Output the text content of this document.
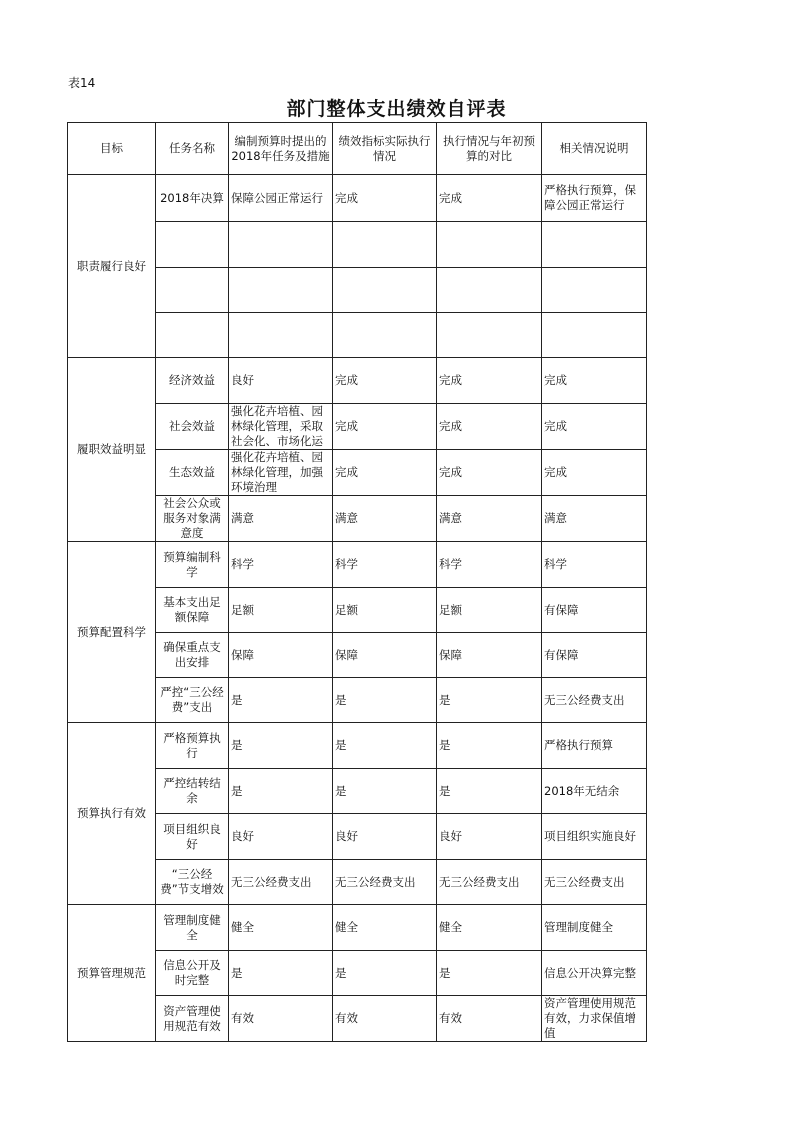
表14
部门整体支出绩效自评表
目标	任务名称	编制预算时提出的2018年任务及措施	绩效指标实际执行情况	执行情况与年初预算的对比	相关情况说明
职责履行良好	2018年决算	保障公园正常运行	完成	完成	严格执行预算，保障公园正常运行

履职效益明显	经济效益	良好	完成	完成	完成

	社会效益	强化花卉培植、园林绿化管理，采取社会化、市场化运	完成	完成	完成

	生态效益	强化花卉培植、园林绿化管理，加强环境治理	完成	完成	完成

	社会公众或服务对象满意度	满意	满意	满意	满意

预算配置科学	预算编制科学	科学	科学	科学	科学

	基本支出足额保障	足额	足额	足额	有保障

	确保重点支出安排	保障	保障	保障	有保障

	严控“三公经费”支出	是	是	是	无三公经费支出

预算执行有效	严格预算执行	是	是	是	严格执行预算

	严控结转结余	是	是	是	2018年无结余

	项目组织良好	良好	良好	良好	项目组织实施良好

	“三公经费”节支增效	无三公经费支出	无三公经费支出	无三公经费支出	无三公经费支出

预算管理规范	管理制度健全	健全	健全	健全	管理制度健全

	信息公开及时完整	是	是	是	信息公开决算完整

	资产管理使用规范有效	有效	有效	有效	资产管理使用规范有效，力求保值增值
